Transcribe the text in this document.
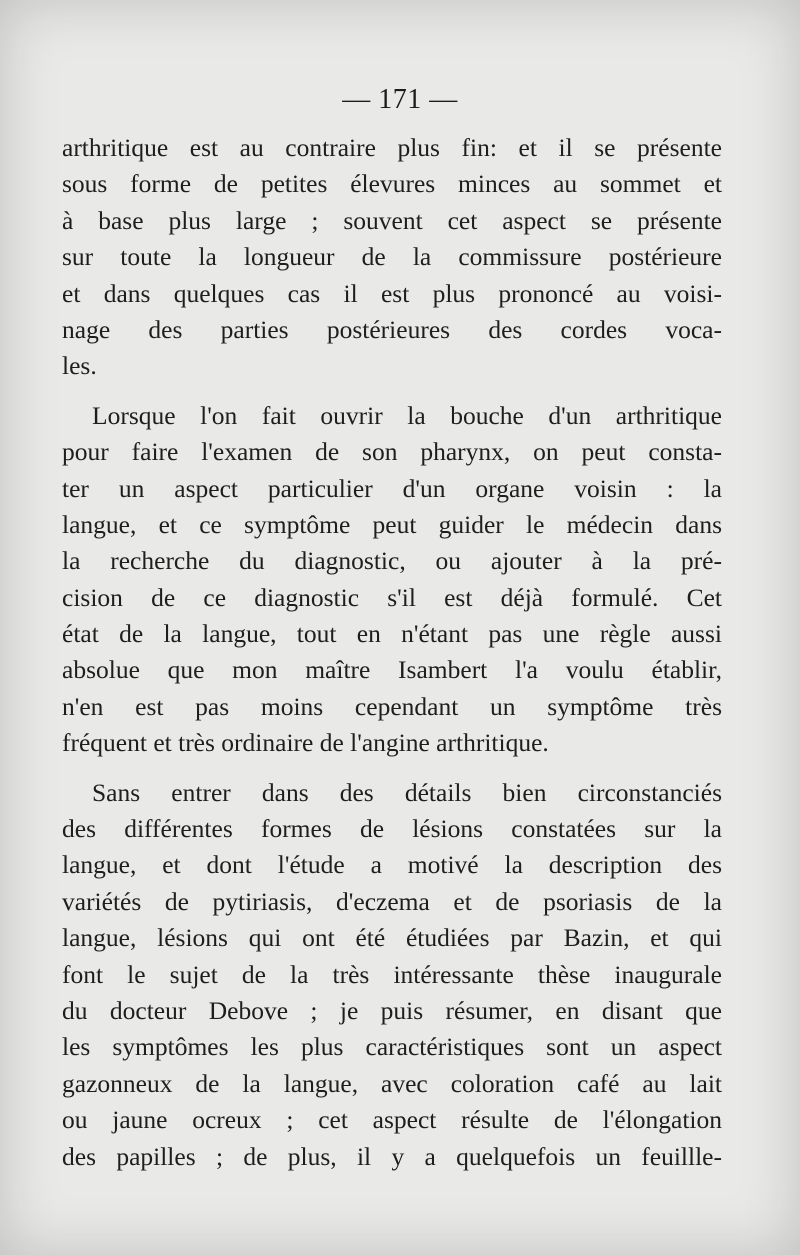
— 171 —
arthritique est au contraire plus fin: et il se présente
sous forme de petites élevures minces au sommet et
à base plus large ; souvent cet aspect se présente
sur toute la longueur de la commissure postérieure
et dans quelques cas il est plus prononcé au voisi-
nage des parties postérieures des cordes voca-
les.
Lorsque l'on fait ouvrir la bouche d'un arthritique
pour faire l'examen de son pharynx, on peut consta-
ter un aspect particulier d'un organe voisin : la
langue, et ce symptôme peut guider le médecin dans
la recherche du diagnostic, ou ajouter à la pré-
cision de ce diagnostic s'il est déjà formulé. Cet
état de la langue, tout en n'étant pas une règle aussi
absolue que mon maître Isambert l'a voulu établir,
n'en est pas moins cependant un symptôme très
fréquent et très ordinaire de l'angine arthritique.
Sans entrer dans des détails bien circonstanciés
des différentes formes de lésions constatées sur la
langue, et dont l'étude a motivé la description des
variétés de pytiriasis, d'eczema et de psoriasis de la
langue, lésions qui ont été étudiées par Bazin, et qui
font le sujet de la très intéressante thèse inaugurale
du docteur Debove ; je puis résumer, en disant que
les symptômes les plus caractéristiques sont un aspect
gazonneux de la langue, avec coloration café au lait
ou jaune ocreux ; cet aspect résulte de l'élongation
des papilles ; de plus, il y a quelquefois un feuillle-
